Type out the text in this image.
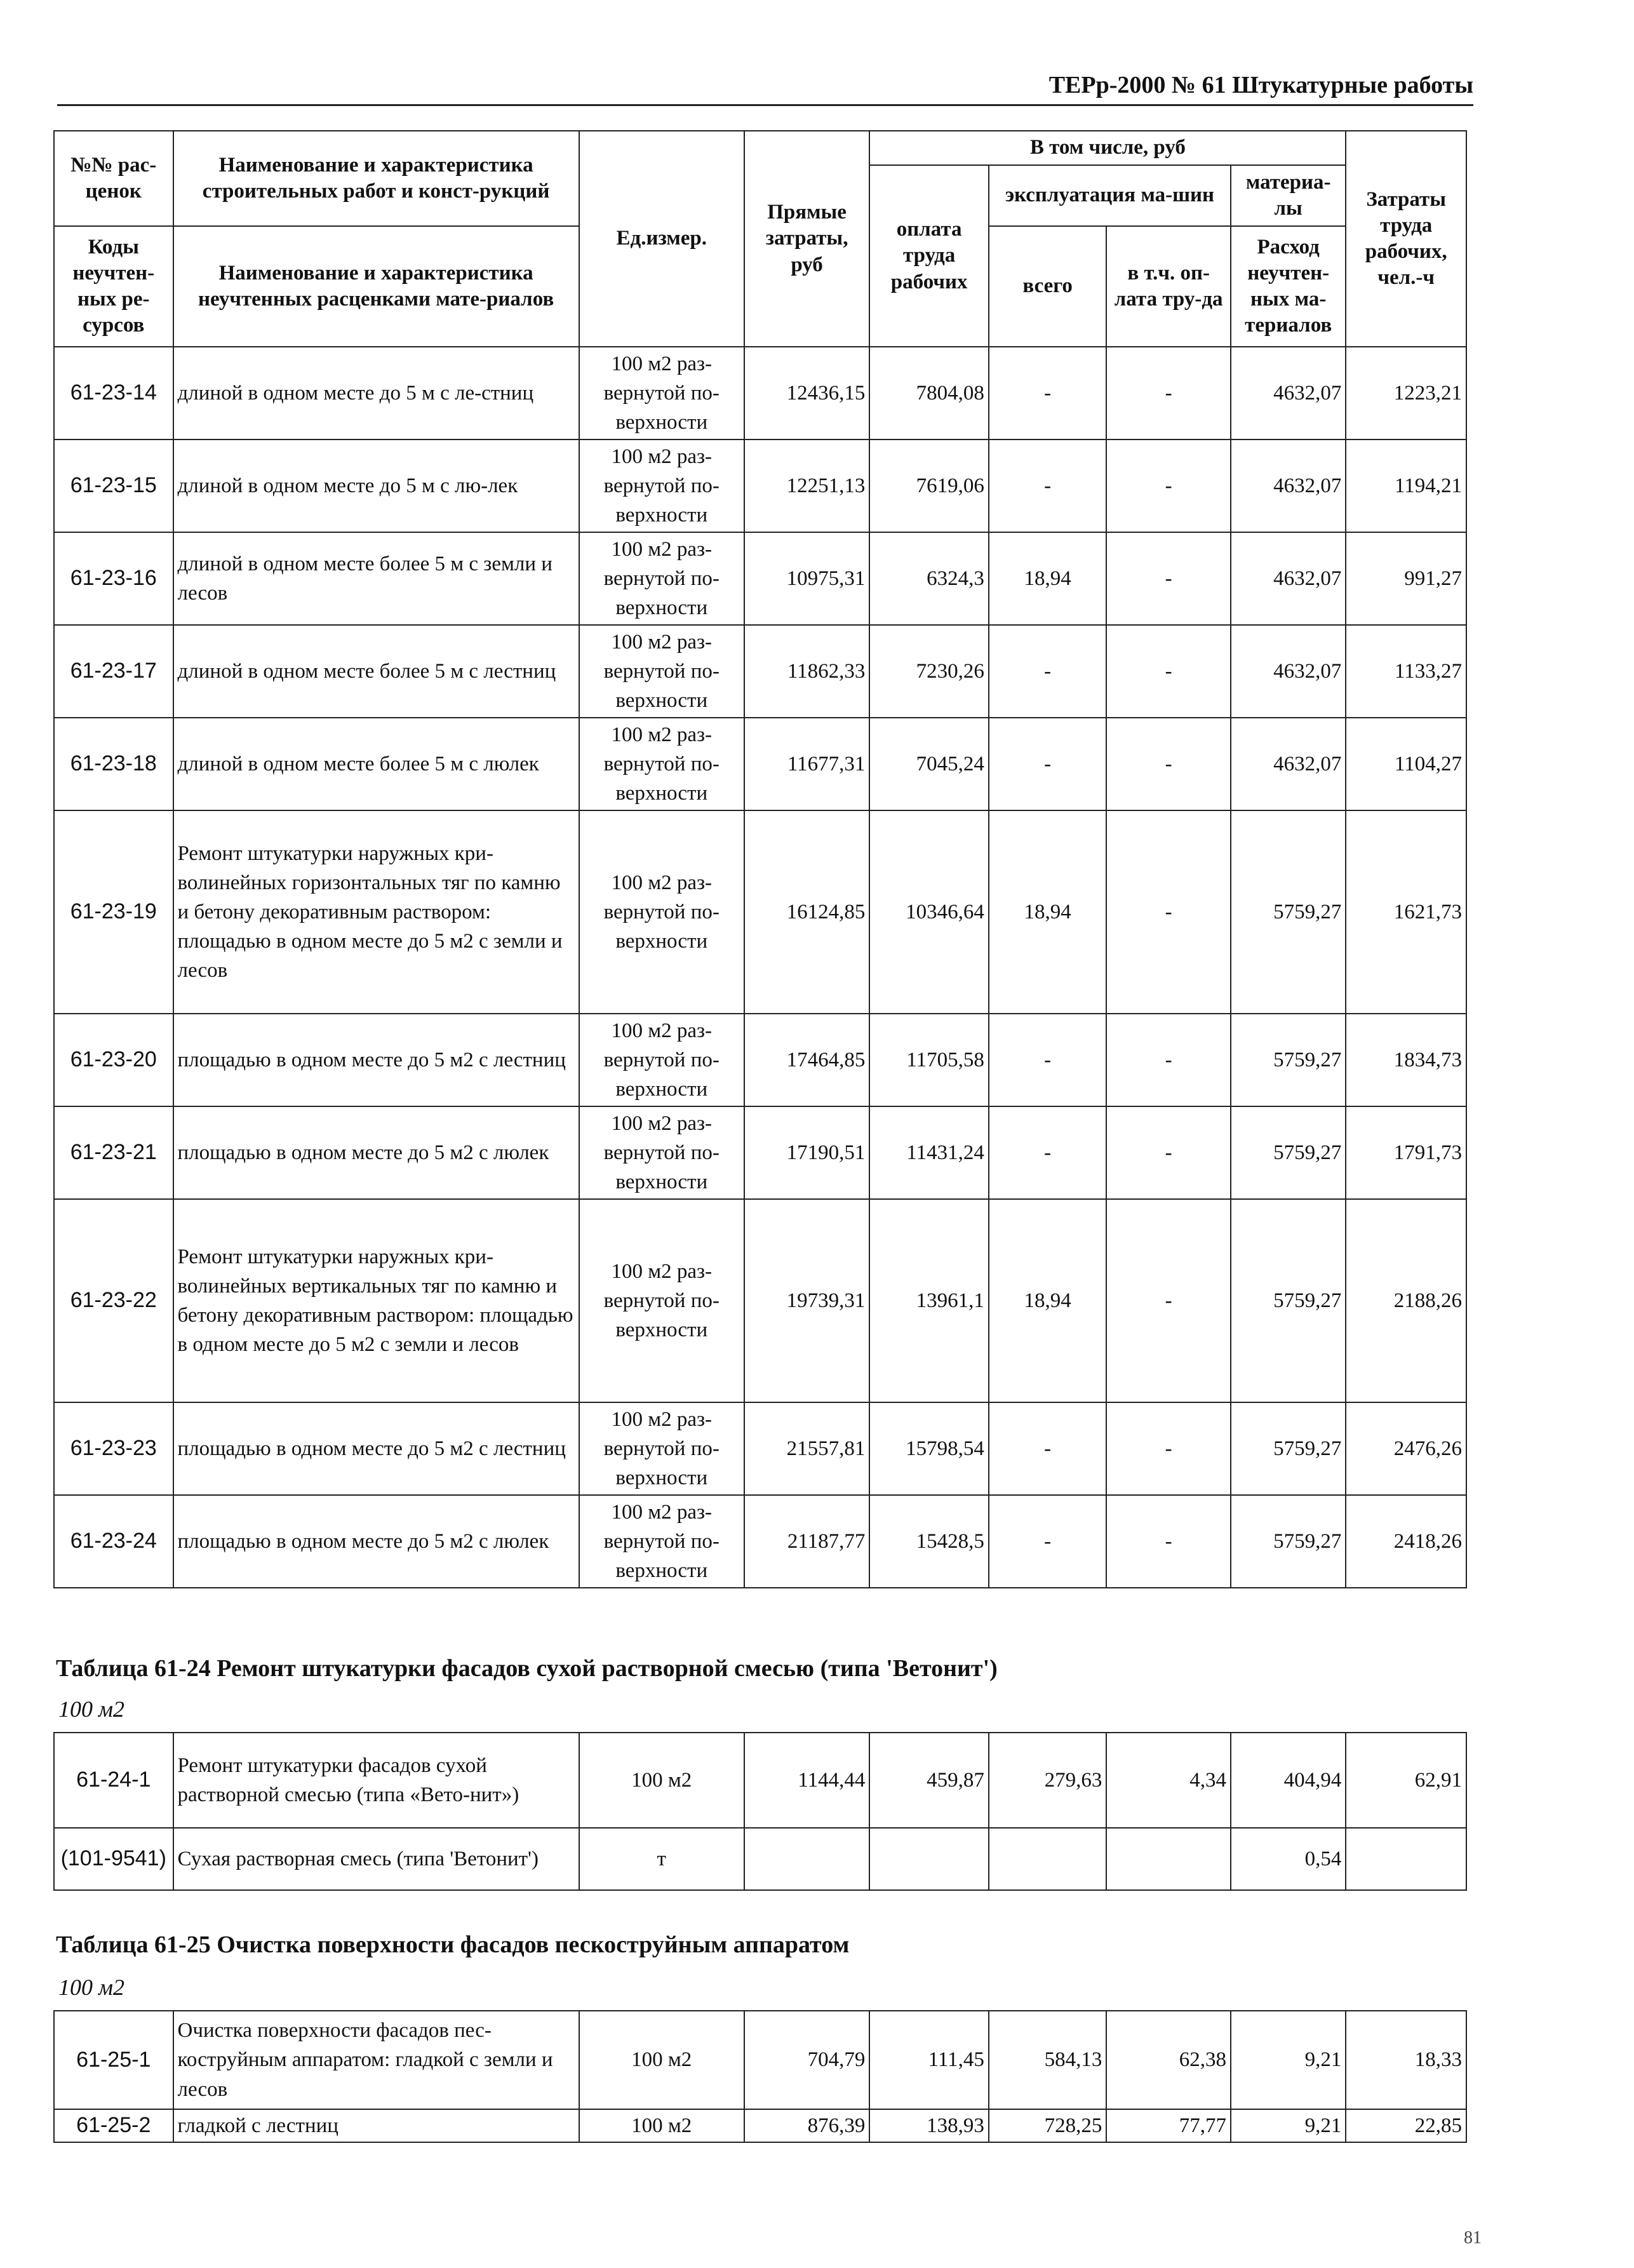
ТЕРр-2000 № 61 Штукатурные работы
№№ рас-ценок	Наименование и характеристика строительных работ и конст-рукций	Ед.измер.	Прямые затраты, руб	В том числе, руб				Затраты труда рабочих, чел.-ч
				оплата труда рабочих	эксплуатация ма-шин		материа-лы	
Коды неучтен-ных ре-сурсов	Наименование и характеристика неучтенных расценками мате-риалов				всего	в т.ч. оп-лата тру-да	Расход неучтен-ных ма-териалов	

61-23-14	длиной в одном месте до 5 м с ле-стниц	100 м2 раз-вернутой по-верхности	12436,15	7804,08	-	-	4632,07	1223,21
61-23-15	длиной в одном месте до 5 м с лю-лек	100 м2 раз-вернутой по-верхности	12251,13	7619,06	-	-	4632,07	1194,21
61-23-16	длиной в одном месте более 5 м с земли и лесов	100 м2 раз-вернутой по-верхности	10975,31	6324,3	18,94	-	4632,07	991,27
61-23-17	длиной в одном месте более 5 м с лестниц	100 м2 раз-вернутой по-верхности	11862,33	7230,26	-	-	4632,07	1133,27
61-23-18	длиной в одном месте более 5 м с люлек	100 м2 раз-вернутой по-верхности	11677,31	7045,24	-	-	4632,07	1104,27
61-23-19	Ремонт штукатурки наружных кри-волинейных горизонтальных тяг по камню и бетону декоративным раствором: площадью в одном месте до 5 м2 с земли и лесов	100 м2 раз-вернутой по-верхности	16124,85	10346,64	18,94	-	5759,27	1621,73
61-23-20	площадью в одном месте до 5 м2 с лестниц	100 м2 раз-вернутой по-верхности	17464,85	11705,58	-	-	5759,27	1834,73
61-23-21	площадью в одном месте до 5 м2 с люлек	100 м2 раз-вернутой по-верхности	17190,51	11431,24	-	-	5759,27	1791,73
61-23-22	Ремонт штукатурки наружных кри-волинейных вертикальных тяг по камню и бетону декоративным раствором: площадью в одном месте до 5 м2 с земли и лесов	100 м2 раз-вернутой по-верхности	19739,31	13961,1	18,94	-	5759,27	2188,26
61-23-23	площадью в одном месте до 5 м2 с лестниц	100 м2 раз-вернутой по-верхности	21557,81	15798,54	-	-	5759,27	2476,26
61-23-24	площадью в одном месте до 5 м2 с люлек	100 м2 раз-вернутой по-верхности	21187,77	15428,5	-	-	5759,27	2418,26
Таблица 61-24 Ремонт штукатурки фасадов сухой растворной смесью (типа 'Ветонит')
100 м2
61-24-1	Ремонт штукатурки фасадов сухой растворной смесью (типа «Вето-нит»)	100 м2	1144,44	459,87	279,63	4,34	404,94	62,91
(101-9541)	Сухая растворная смесь (типа 'Ветонит')	т					0,54	
Таблица 61-25 Очистка поверхности фасадов пескоструйным аппаратом
100 м2
61-25-1	Очистка поверхности фасадов пес-коструйным аппаратом: гладкой с земли и лесов	100 м2	704,79	111,45	584,13	62,38	9,21	18,33
61-25-2	гладкой с лестниц	100 м2	876,39	138,93	728,25	77,77	9,21	22,85
81
